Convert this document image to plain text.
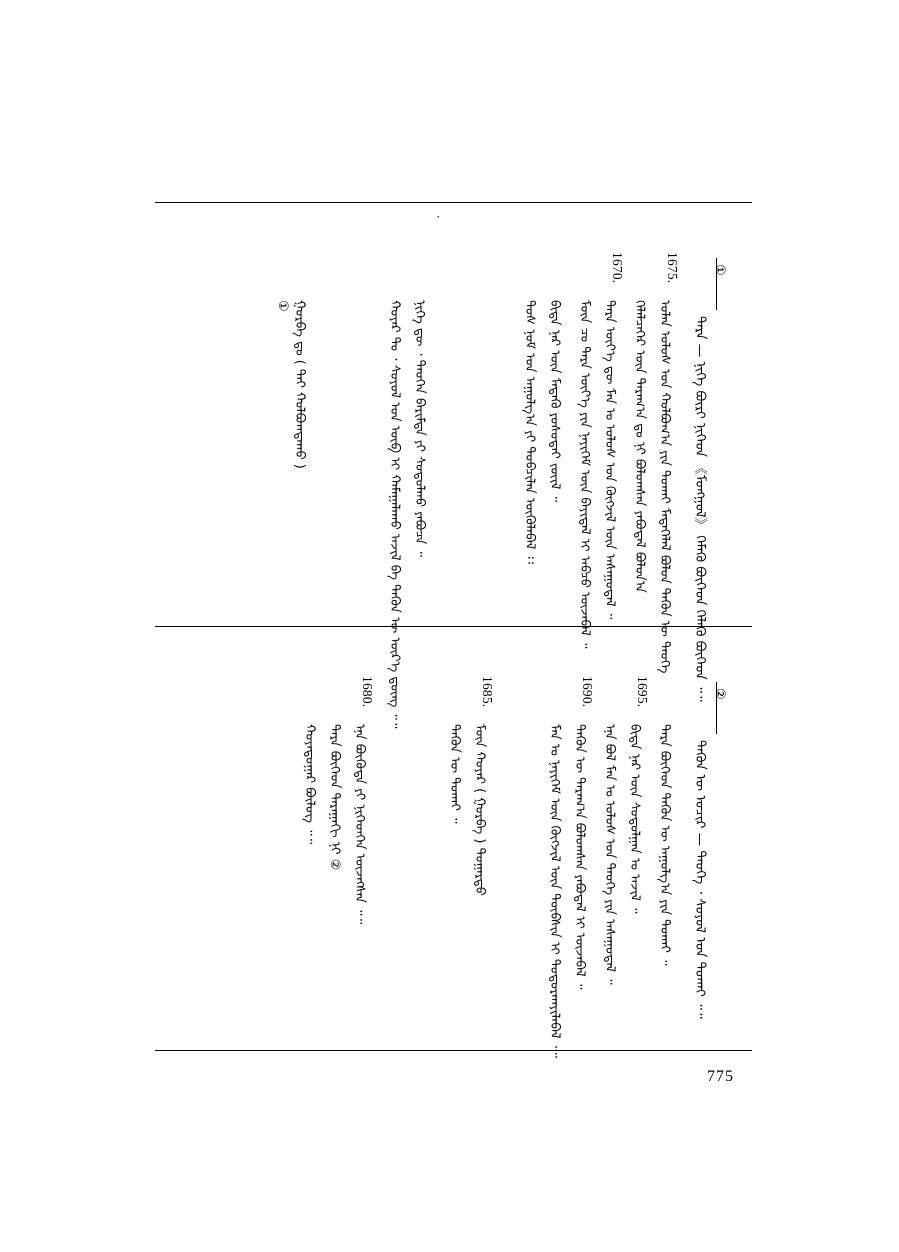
·
①
ᠲᠡᠷᠡ — ᠨᠢᠭᠡ ᠪᠦᠷᠢ ᠨᠢᠭᠡᠳ 《ᠮᠣᠩᠭᠣᠯ》 ᠬᠡᠮᠡᠬᠦ ᠪᠥᠭᠡᠳ ᠬᠡᠯᠡᠬᠦ ᠪᠥᠭᠡᠳ ᠃᠃
1675.
ᠣᠯᠠᠨ ᠤᠯᠤᠰ ᠤᠨ ᠬᠣᠯᠪᠣᠭ᠎ᠠ ᠶᠢᠨ ᠲᠤᠬᠠᠢ ᠮᠡᠳᠡᠭᠡᠯᠡᠯ ᠪᠣᠯᠤᠨ ᠲᠡᠭᠦᠨ ᠦ ᠲᠡᠦᠬᠡ
ᠬᠡᠯᠡᠯᠴᠡᠭᠡᠷ ᠦᠨ ᠳᠠᠷᠠᠭ᠎ᠠ ᠳᠤ ᠨᠢ ᠪᠣᠯᠤᠭᠰᠠᠨ ᠶᠠᠪᠤᠳᠠᠯ ᠪᠣᠯᠤᠨ᠎ᠠ
1670.
ᠲᠡᠷᠡ ᠦᠶ᠎ᠡ ᠳᠦ ᠮᠠᠨ ᠤ ᠤᠯᠤᠰ ᠤᠨ ᠬᠥᠭᠵᠢᠯ ᠦᠨ ᠠᠰᠠᠭᠤᠳᠠᠯ ᠃
ᠮᠥᠨ ᠴᠤ ᠲᠡᠷᠡ ᠦᠶ᠎ᠡ ᠶᠢᠨ ᠨᠡᠶᠢᠭᠡᠮ ᠦᠨ ᠪᠠᠶᠢᠳᠠᠯ ᠢ ᠠᠪᠴᠤ ᠦᠵᠡᠪᠡᠯ ᠃
ᠪᠢᠳᠡ ᠨᠡᠷ ᠦᠨ ᠮᠡᠳᠡᠬᠦ ᠶᠣᠰᠣᠲᠠᠢ ᠵᠦᠢᠯ ᠃
ᠲᠤᠰ ᠨᠣᠮ ᠤᠨ ᠠᠭᠤᠯᠭ᠎ᠠ ᠶᠢ ᠲᠣᠪᠴᠢᠯᠠᠨ ᠥᠭᠦᠯᠡᠪᠡᠯ ᠄᠄
ᠨᠢᠭᠡ ᠳᠦ ᠂ ᠲᠡᠦᠬᠡᠨ ᠪᠠᠷᠢᠮᠲᠠ ᠶᠢ ᠰᠤᠳᠤᠯᠬᠤ ᠶᠠᠪᠤᠴᠠ ᠃
ᠬᠣᠶᠠᠷ ᠲᠤ ᠂ ᠰᠤᠶᠤᠯ ᠤᠨ ᠥᠪ ᠢ ᠬᠠᠮᠠᠭᠠᠯᠠᠬᠤ ᠠᠵᠢᠯ ᠪᠠ ᠲᠡᠭᠦᠨ ᠦ ᠦᠷ᠎ᠡ ᠳ᠋ᠦᠩ ᠃᠃
ᠭᠤᠷᠪᠠ ᠳᠤ ( ᠲᠠᠢ ᠬᠣᠯᠪᠣᠭᠳᠠᠬᠤ )
①
②
ᠲᠡᠭᠦᠨ ᠦ ᠤᠴᠢᠷ — ᠲᠡᠦᠬᠡ ᠂ ᠰᠤᠶᠤᠯ ᠤᠨ ᠲᠤᠬᠠᠢ ᠃᠃
ᠲᠡᠷᠡ ᠪᠥᠭᠡᠳ ᠲᠡᠭᠦᠨ ᠦ ᠠᠭᠤᠯᠭ᠎ᠠ ᠶᠢᠨ ᠲᠤᠬᠠᠢ ᠃
1695.
ᠪᠢᠳᠡ ᠨᠡᠷ ᠦᠨ ᠰᠤᠳᠤᠯᠭᠠᠨ ᠤ ᠠᠵᠢᠯ ᠃
ᠡᠨᠡ ᠪᠣᠯ ᠮᠠᠨ ᠤ ᠤᠯᠤᠰ ᠤᠨ ᠲᠡᠦᠬᠡ ᠶᠢᠨ ᠠᠰᠠᠭᠤᠳᠠᠯ ᠃
1690.
ᠲᠡᠭᠦᠨ ᠦ ᠳᠠᠷᠠᠭ᠎ᠠ ᠪᠣᠯᠤᠭᠰᠠᠨ ᠶᠠᠪᠤᠳᠠᠯ ᠢ ᠦᠵᠡᠪᠡᠯ ᠃
ᠮᠠᠨ ᠤ ᠨᠡᠶᠢᠭᠡᠮ ᠦᠨ ᠬᠥᠭᠵᠢᠯ ᠦᠨ ᠲᠦᠪᠰᠢᠨ ᠢ ᠲᠣᠳᠣᠷᠬᠠᠶᠢᠯᠠᠪᠠᠯ ᠁
1685.
ᠮᠥᠨ ᠬᠣᠶᠠᠷ ( ᠭᠤᠷᠪᠠ ) ᠳᠤᠭᠠᠷᠲᠤ
ᠲᠡᠭᠦᠨ ᠦ ᠲᠤᠬᠠᠢ ᠃
1680.
ᠡᠨᠡ ᠪᠥᠭᠦᠳᠡ ᠶᠢ ᠨᠢᠭᠡᠳᠬᠡᠨ ᠦᠵᠡᠭᠰᠡᠨ ᠃᠃
ᠲᠡᠷᠡ ᠪᠥᠭᠡᠳ ᠳᠠᠷᠠᠭᠠᠬᠢ ᠨᠢ ②
ᠬᠣᠶᠠᠳᠤᠭᠠᠷ ᠪᠦᠯᠦᠭ ᠃᠃
775
